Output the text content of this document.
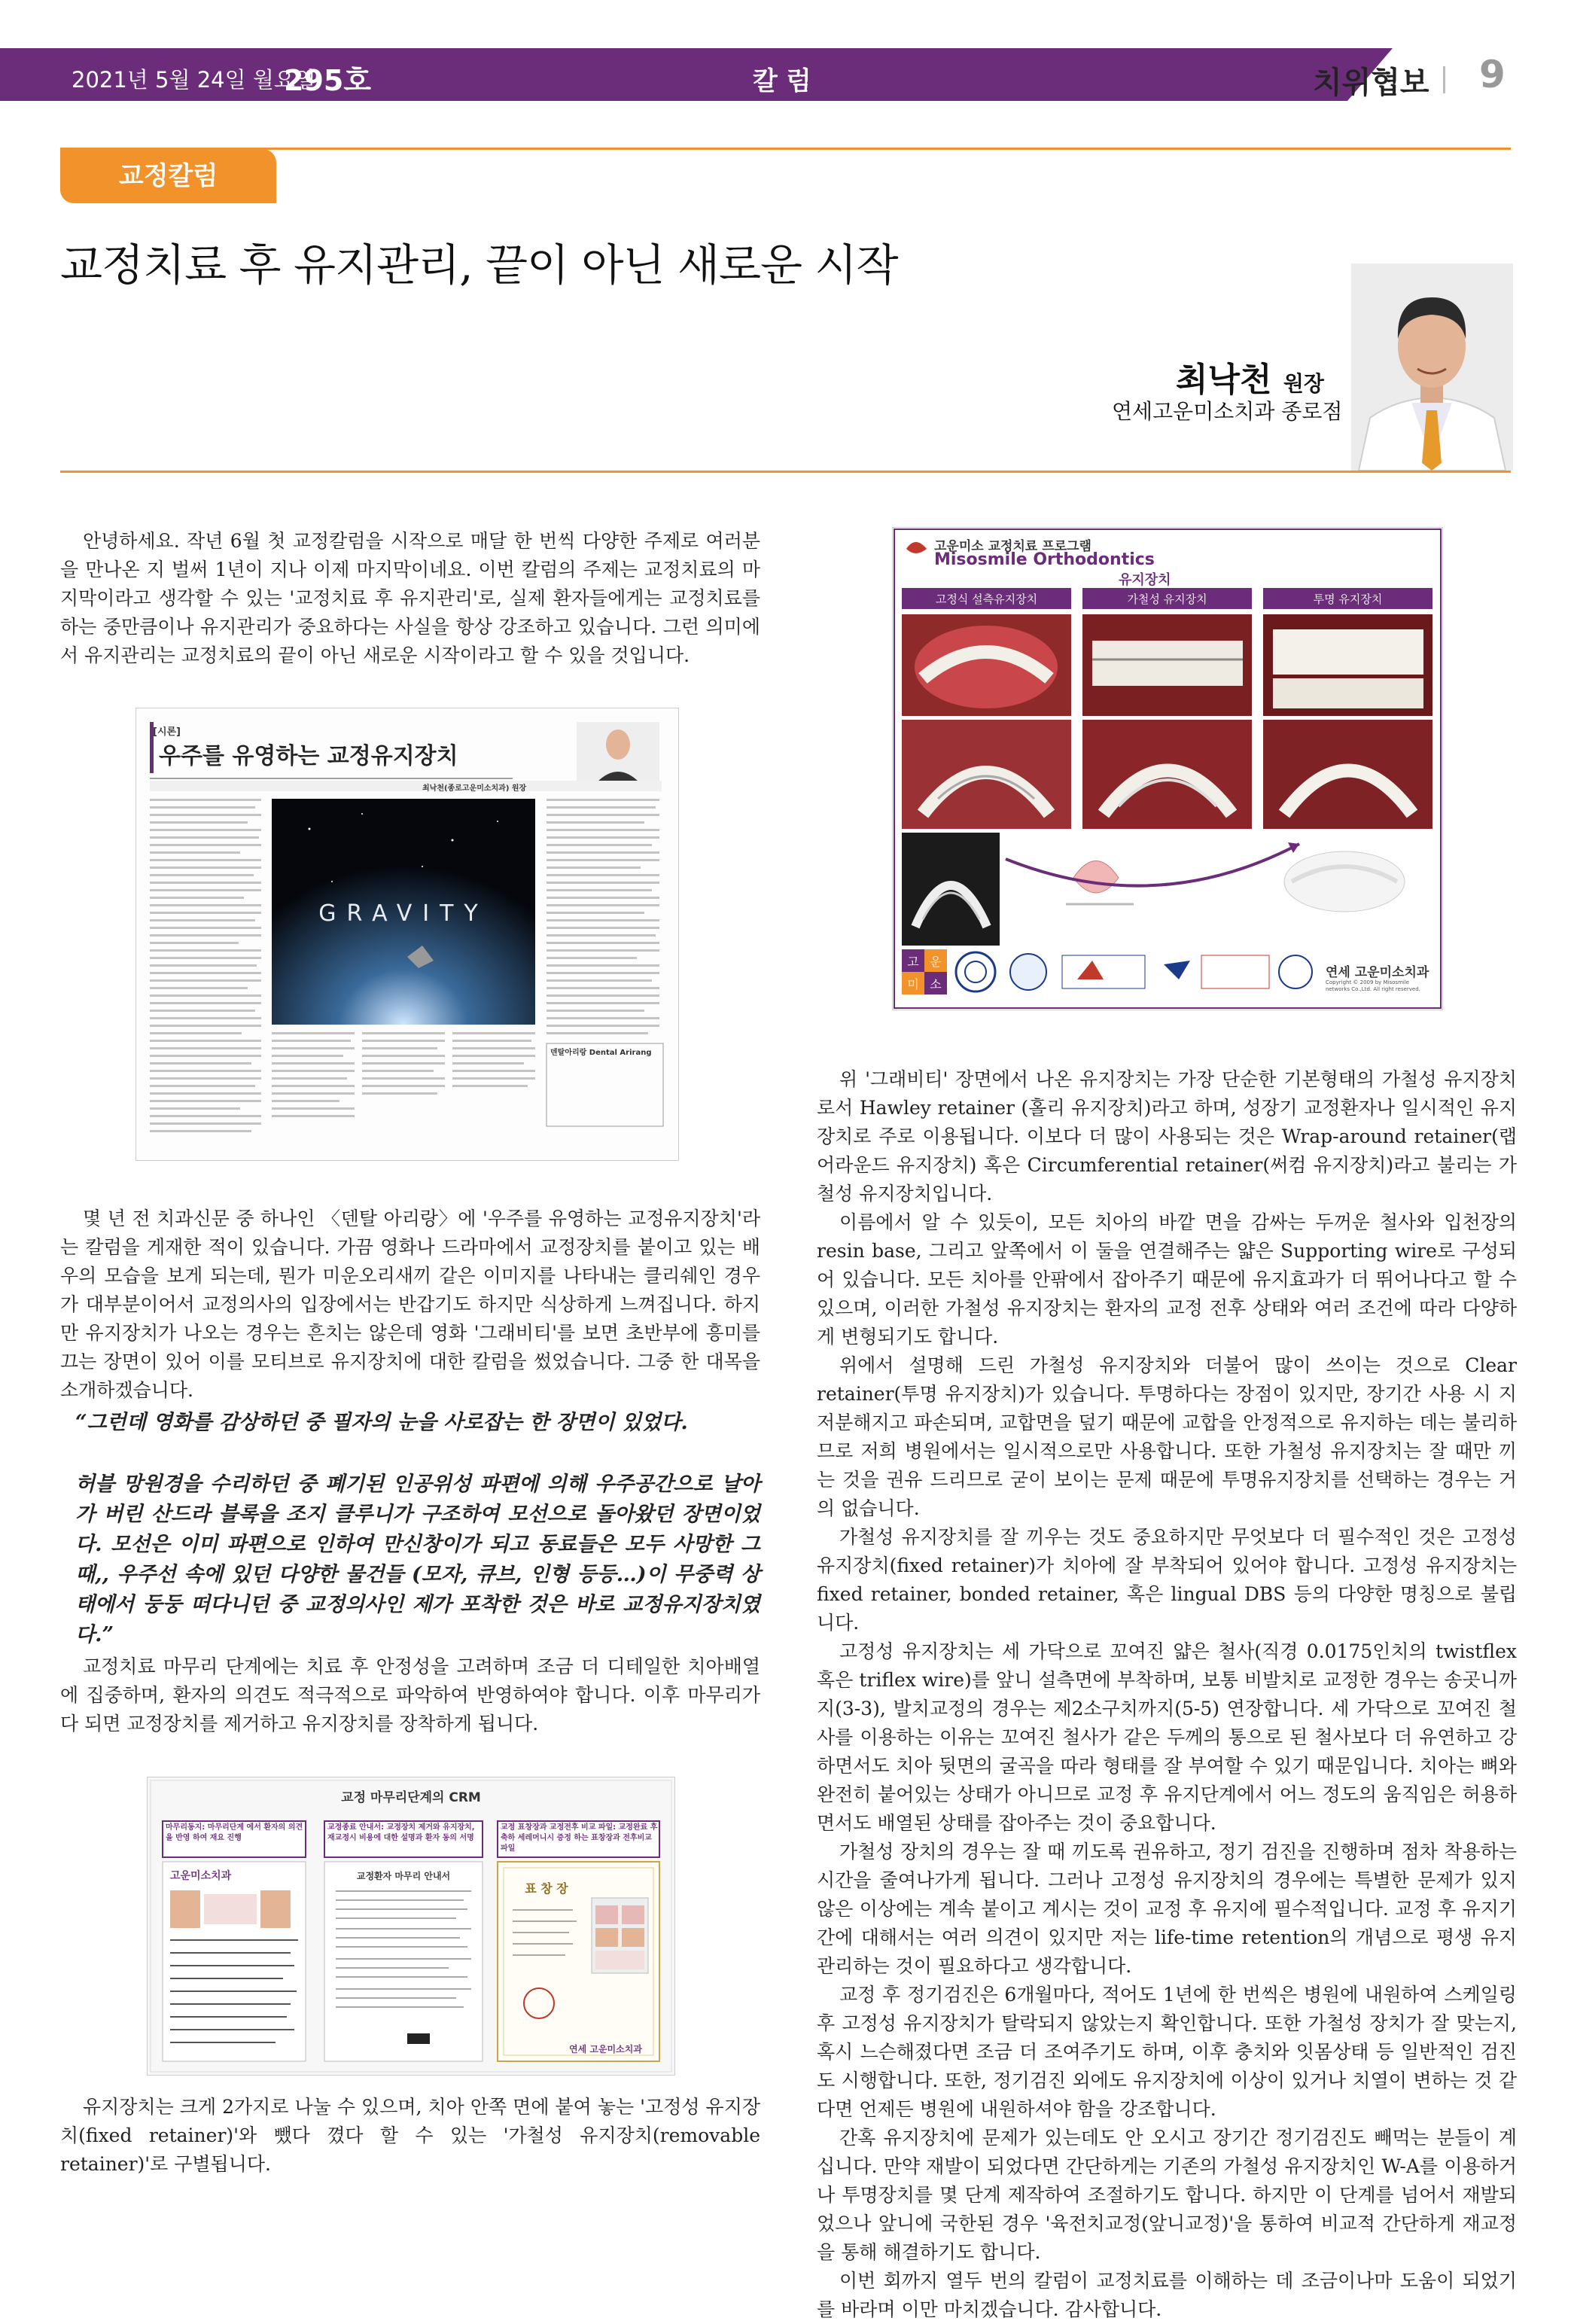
2021년 5월 24일 월요일
295호	칼 럼	치위협보 9
교정칼럼
교정치료 후 유지관리, 끝이 아닌 새로운 시작
최낙천 원장
연세고운미소치과 종로점

안녕하세요. 작년 6월 첫 교정칼럼을 시작으로 매달 한 번씩 다양한 주제로 여러분을 만나온 지 벌써 1년이 지나 이제 마지막이네요. 이번 칼럼의 주제는 교정치료의 마지막이라고 생각할 수 있는 '교정치료 후 유지관리'로, 실제 환자들에게는 교정치료를 하는 중만큼이나 유지관리가 중요하다는 사실을 항상 강조하고 있습니다. 그런 의미에서 유지관리는 교정치료의 끝이 아닌 새로운 시작이라고 할 수 있을 것입니다.

[시론]
우주를 유영하는 교정유지장치
최낙천(종로고운미소치과) 원장
GRAVITY
덴탈아리랑 Dental Arirang

몇 년 전 치과신문 중 하나인 〈덴탈 아리랑〉에 '우주를 유영하는 교정유지장치'라는 칼럼을 게재한 적이 있습니다. 가끔 영화나 드라마에서 교정장치를 붙이고 있는 배우의 모습을 보게 되는데, 뭔가 미운오리새끼 같은 이미지를 나타내는 클리쉐인 경우가 대부분이어서 교정의사의 입장에서는 반갑기도 하지만 식상하게 느껴집니다. 하지만 유지장치가 나오는 경우는 흔치는 않은데 영화 '그래비티'를 보면 초반부에 흥미를 끄는 장면이 있어 이를 모티브로 유지장치에 대한 칼럼을 썼었습니다. 그중 한 대목을 소개하겠습니다.

“그런데 영화를 감상하던 중 필자의 눈을 사로잡는 한 장면이 있었다.

허블 망원경을 수리하던 중 폐기된 인공위성 파편에 의해 우주공간으로 날아가 버린 산드라 블록을 조지 클루니가 구조하여 모선으로 돌아왔던 장면이었다. 모선은 이미 파편으로 인하여 만신창이가 되고 동료들은 모두 사망한 그때,, 우주선 속에 있던 다양한 물건들 (모자, 큐브, 인형 등등…)이 무중력 상태에서 둥둥 떠다니던 중 교정의사인 제가 포착한 것은 바로 교정유지장치였다.”

교정치료 마무리 단계에는 치료 후 안정성을 고려하며 조금 더 디테일한 치아배열에 집중하며, 환자의 의견도 적극적으로 파악하여 반영하여야 합니다. 이후 마무리가 다 되면 교정장치를 제거하고 유지장치를 장착하게 됩니다.

교정 마무리단계의 CRM
마무리동지: 마무리단계 에서 환자의 의견을 반영 하여 재요 진행
교정종료 안내서: 교정장치 제거와 유지장치, 재교정시 비용에 대한 설명과 환자 동의 서명
교정 표창장과 교정전후 비교 파일: 교정완료 후 축하 세레머니시 증정 하는 표창장과 전후비교 파일
고운미소치과	교정환자 마무리 안내서
표 창 장
연세 고운미소치과

유지장치는 크게 2가지로 나눌 수 있으며, 치아 안쪽 면에 붙여 놓는 '고정성 유지장치(fixed retainer)'와 뺐다 꼈다 할 수 있는 '가철성 유지장치(removable retainer)'로 구별됩니다.

고운미소 교정치료 프로그램
Misosmile Orthodontics
유지장치
고정식 설측유지장치	가철성 유지장치	투명 유지장치
고 운
미 소
연세 고운미소치과
Copyright © 2009 by Misosmile networks Co.,Ltd. All right reserved.

위 '그래비티' 장면에서 나온 유지장치는 가장 단순한 기본형태의 가철성 유지장치로서 Hawley retainer (홀리 유지장치)라고 하며, 성장기 교정환자나 일시적인 유지장치로 주로 이용됩니다. 이보다 더 많이 사용되는 것은 Wrap-around retainer(랩어라운드 유지장치) 혹은 Circumferential retainer(써컴 유지장치)라고 불리는 가철성 유지장치입니다.

이름에서 알 수 있듯이, 모든 치아의 바깥 면을 감싸는 두꺼운 철사와 입천장의 resin base, 그리고 앞쪽에서 이 둘을 연결해주는 얇은 Supporting wire로 구성되어 있습니다. 모든 치아를 안팎에서 잡아주기 때문에 유지효과가 더 뛰어나다고 할 수 있으며, 이러한 가철성 유지장치는 환자의 교정 전후 상태와 여러 조건에 따라 다양하게 변형되기도 합니다.

위에서 설명해 드린 가철성 유지장치와 더불어 많이 쓰이는 것으로 Clear retainer(투명 유지장치)가 있습니다. 투명하다는 장점이 있지만, 장기간 사용 시 지저분해지고 파손되며, 교합면을 덮기 때문에 교합을 안정적으로 유지하는 데는 불리하므로 저희 병원에서는 일시적으로만 사용합니다. 또한 가철성 유지장치는 잘 때만 끼는 것을 권유 드리므로 굳이 보이는 문제 때문에 투명유지장치를 선택하는 경우는 거의 없습니다.

가철성 유지장치를 잘 끼우는 것도 중요하지만 무엇보다 더 필수적인 것은 고정성 유지장치(fixed retainer)가 치아에 잘 부착되어 있어야 합니다. 고정성 유지장치는 fixed retainer, bonded retainer, 혹은 lingual DBS 등의 다양한 명칭으로 불립니다.

고정성 유지장치는 세 가닥으로 꼬여진 얇은 철사(직경 0.0175인치의 twistflex 혹은 triflex wire)를 앞니 설측면에 부착하며, 보통 비발치로 교정한 경우는 송곳니까지(3-3), 발치교정의 경우는 제2소구치까지(5-5) 연장합니다. 세 가닥으로 꼬여진 철사를 이용하는 이유는 꼬여진 철사가 같은 두께의 통으로 된 철사보다 더 유연하고 강하면서도 치아 뒷면의 굴곡을 따라 형태를 잘 부여할 수 있기 때문입니다. 치아는 뼈와 완전히 붙어있는 상태가 아니므로 교정 후 유지단계에서 어느 정도의 움직임은 허용하면서도 배열된 상태를 잡아주는 것이 중요합니다.

가철성 장치의 경우는 잘 때 끼도록 권유하고, 정기 검진을 진행하며 점차 착용하는 시간을 줄여나가게 됩니다. 그러나 고정성 유지장치의 경우에는 특별한 문제가 있지 않은 이상에는 계속 붙이고 계시는 것이 교정 후 유지에 필수적입니다. 교정 후 유지기간에 대해서는 여러 의견이 있지만 저는 life-time retention의 개념으로 평생 유지 관리하는 것이 필요하다고 생각합니다.

교정 후 정기검진은 6개월마다, 적어도 1년에 한 번씩은 병원에 내원하여 스케일링 후 고정성 유지장치가 탈락되지 않았는지 확인합니다. 또한 가철성 장치가 잘 맞는지, 혹시 느슨해졌다면 조금 더 조여주기도 하며, 이후 충치와 잇몸상태 등 일반적인 검진도 시행합니다. 또한, 정기검진 외에도 유지장치에 이상이 있거나 치열이 변하는 것 같다면 언제든 병원에 내원하셔야 함을 강조합니다.

간혹 유지장치에 문제가 있는데도 안 오시고 장기간 정기검진도 빼먹는 분들이 계십니다. 만약 재발이 되었다면 간단하게는 기존의 가철성 유지장치인 W-A를 이용하거나 투명장치를 몇 단계 제작하여 조절하기도 합니다. 하지만 이 단계를 넘어서 재발되었으나 앞니에 국한된 경우 '육전치교정(앞니교정)'을 통하여 비교적 간단하게 재교정을 통해 해결하기도 합니다.

이번 회까지 열두 번의 칼럼이 교정치료를 이해하는 데 조금이나마 도움이 되었기를 바라며 이만 마치겠습니다. 감사합니다.
